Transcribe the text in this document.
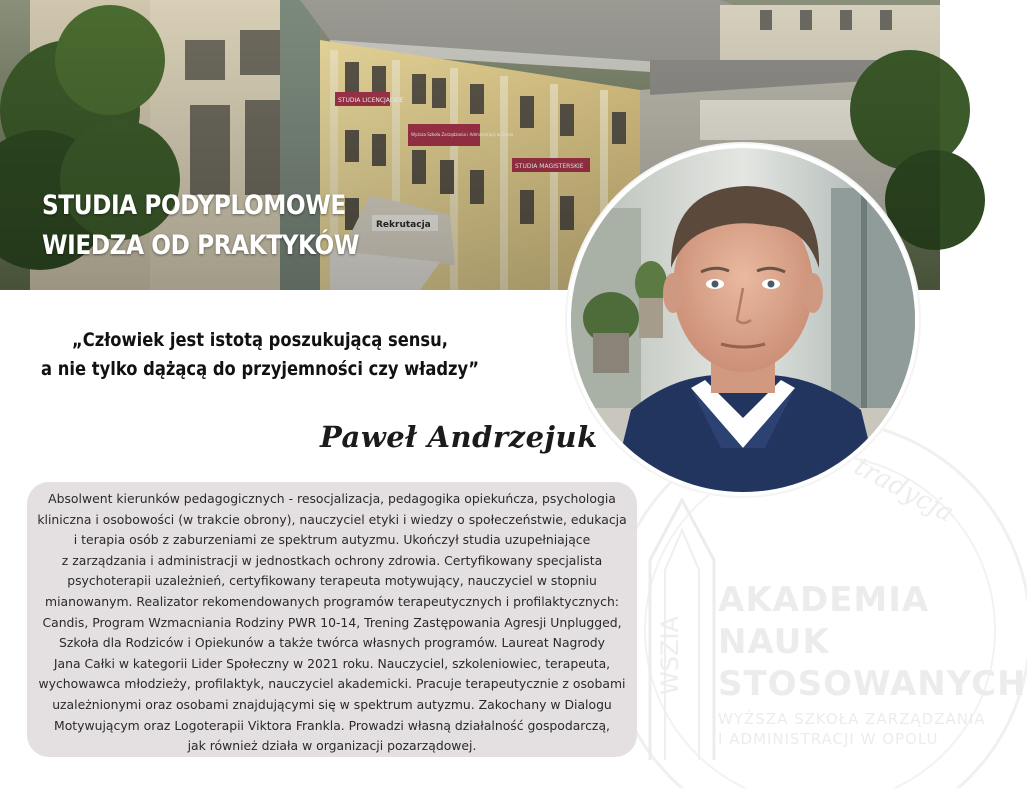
STUDIA PODYPLOMOWE
WIEDZA OD PRAKTYKÓW
tradycja
AKADEMIA
NAUK
STOSOWANYCH
WYŻSZA SZKOŁA ZARZĄDZANIA
I ADMINISTRACJI W OPOLU
WSZIA
„Człowiek jest istotą poszukującą sensu,
a nie tylko dążącą do przyjemności czy władzy”
Paweł Andrzejuk
Absolwent kierunków pedagogicznych - resocjalizacja, pedagogika opiekuńcza, psychologia
kliniczna i osobowości (w trakcie obrony), nauczyciel etyki i wiedzy o społeczeństwie, edukacja
i terapia osób z zaburzeniami ze spektrum autyzmu. Ukończył studia uzupełniające
z zarządzania i administracji w jednostkach ochrony zdrowia. Certyfikowany specjalista
psychoterapii uzależnień, certyfikowany terapeuta motywujący, nauczyciel w stopniu
mianowanym. Realizator rekomendowanych programów terapeutycznych i profilaktycznych:
Candis, Program Wzmacniania Rodziny PWR 10-14, Trening Zastępowania Agresji Unplugged,
Szkoła dla Rodziców i Opiekunów a także twórca własnych programów. Laureat Nagrody
Jana Całki w kategorii Lider Społeczny w 2021 roku. Nauczyciel, szkoleniowiec, terapeuta,
wychowawca młodzieży, profilaktyk, nauczyciel akademicki. Pracuje terapeutycznie z osobami
uzależnionymi oraz osobami znajdującymi się w spektrum autyzmu. Zakochany w Dialogu
Motywującym oraz Logoterapii Viktora Frankla. Prowadzi własną działalność gospodarczą,
jak również działa w organizacji pozarządowej.
